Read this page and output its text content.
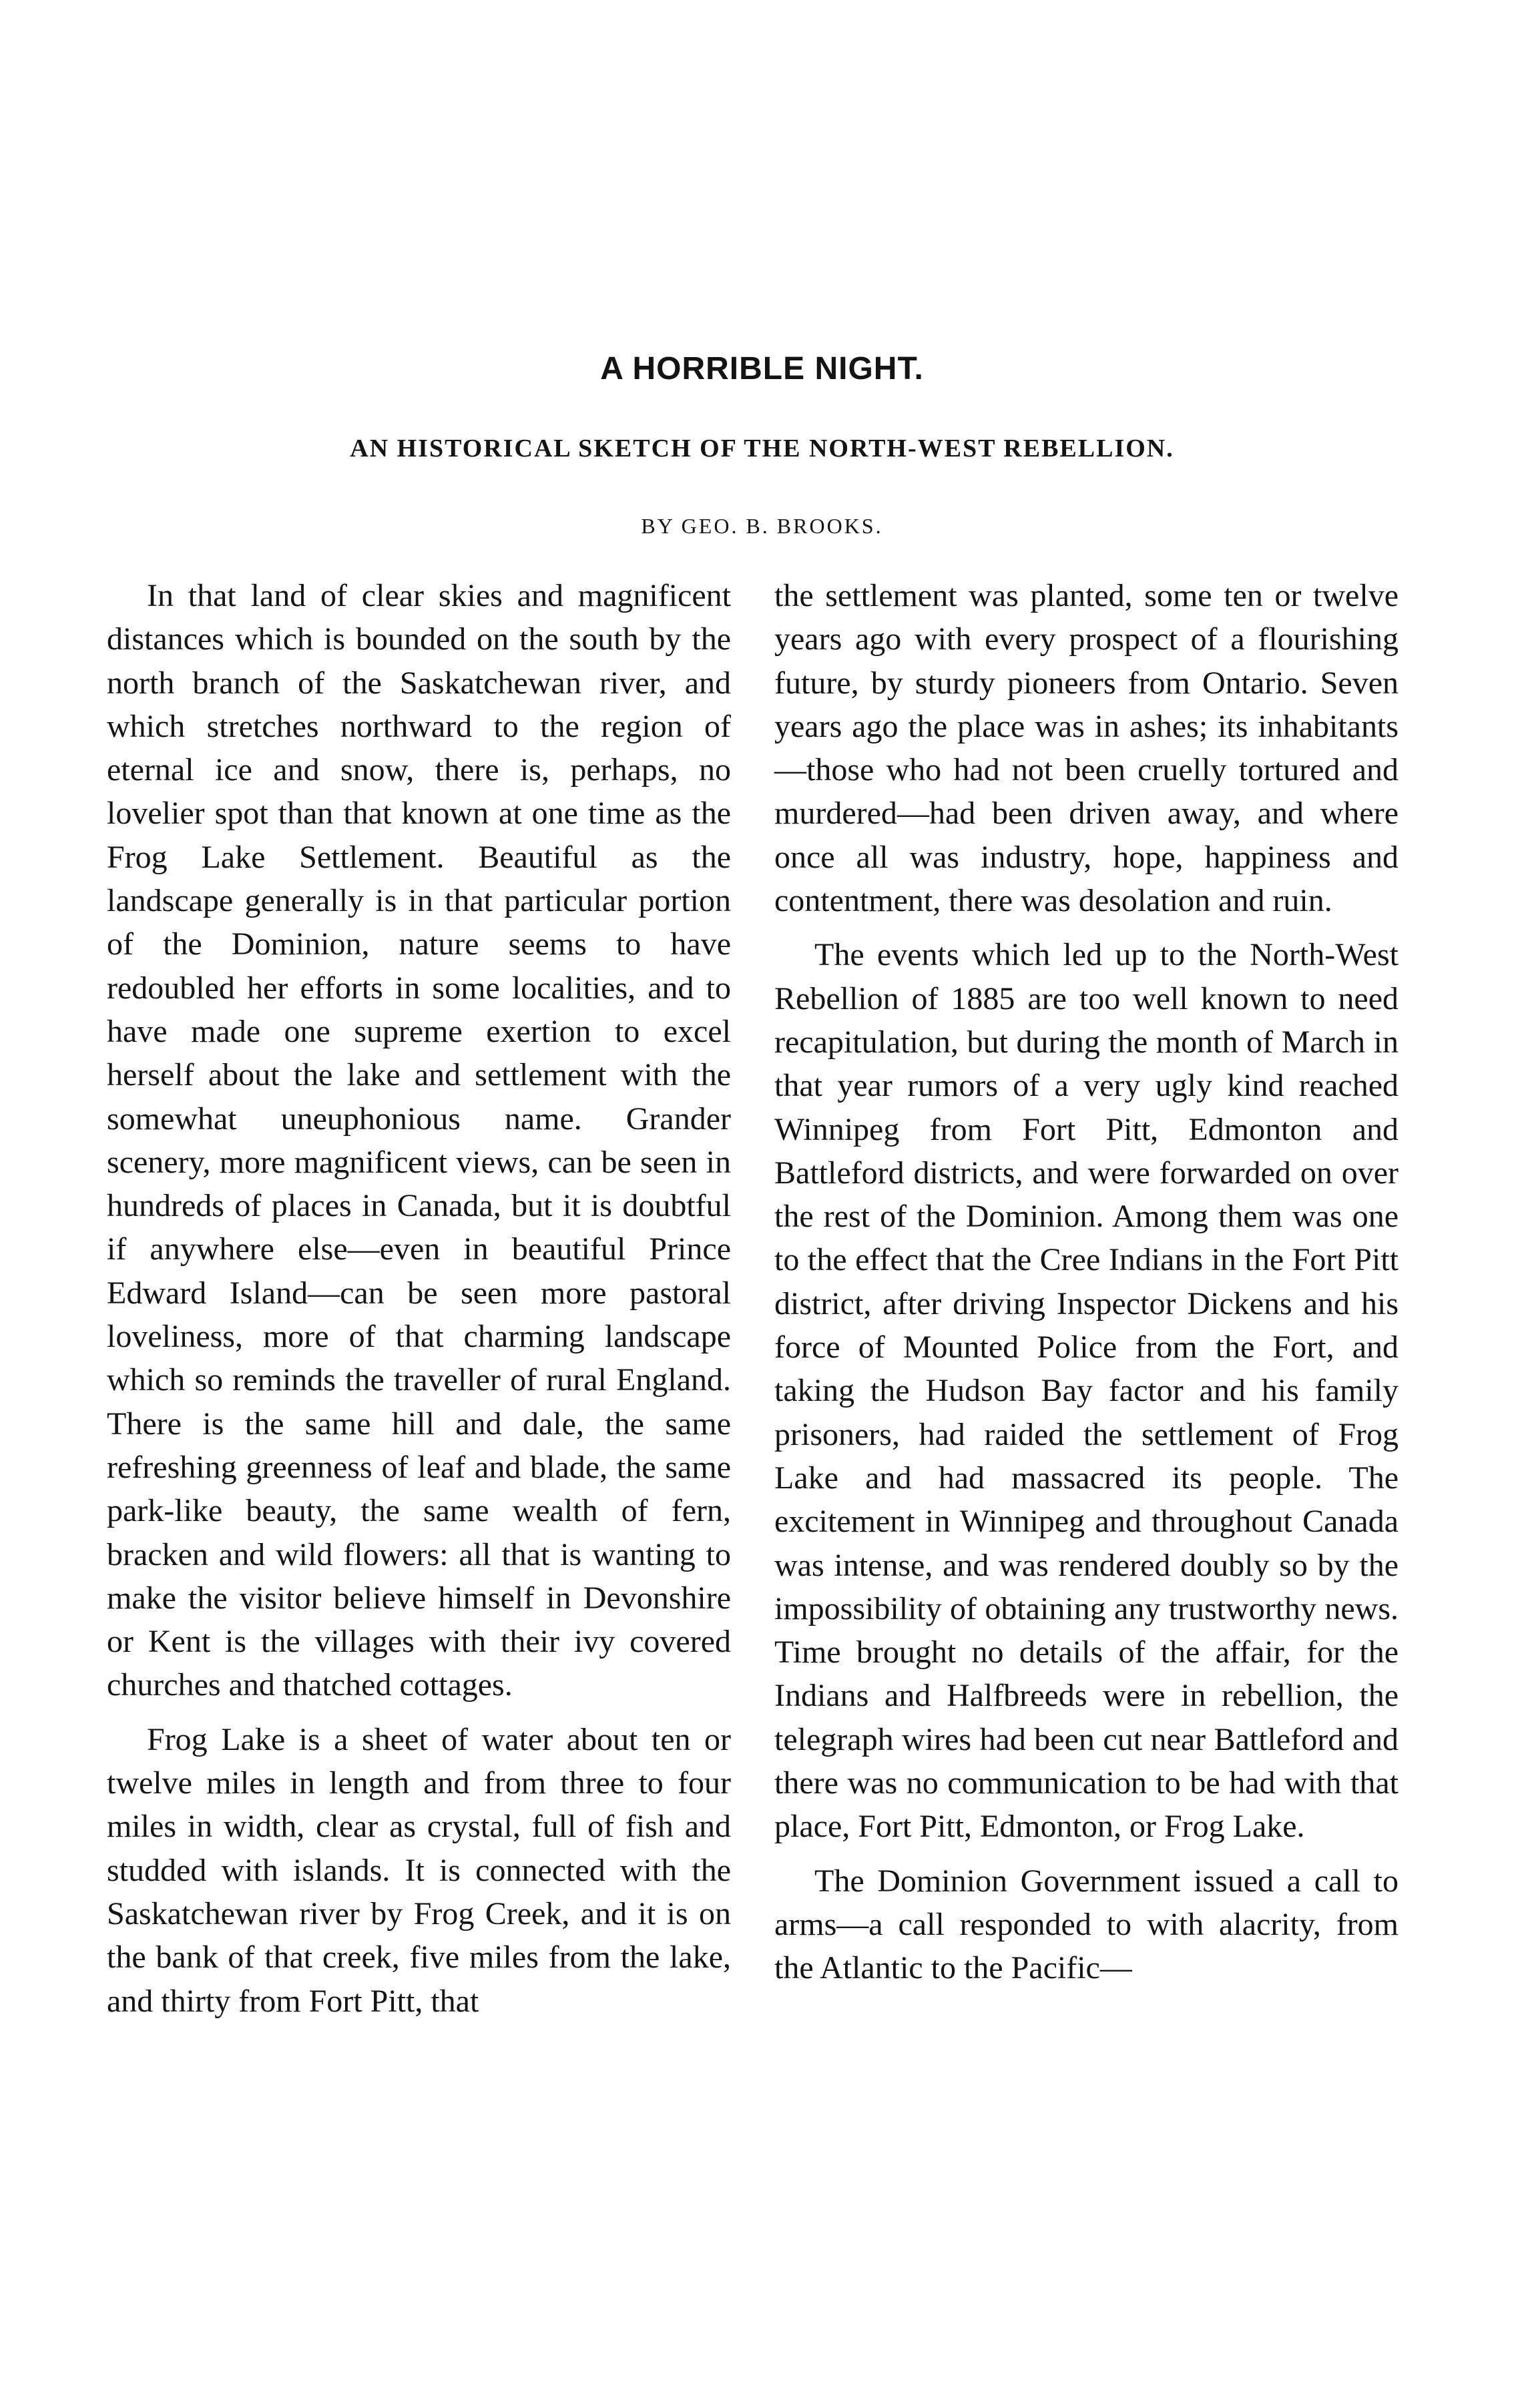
A HORRIBLE NIGHT.
AN HISTORICAL SKETCH OF THE NORTH-WEST REBELLION.
BY GEO. B. BROOKS.

In that land of clear skies and magnificent distances which is bounded on the south by the north branch of the Saskatchewan river, and which stretches northward to the region of eternal ice and snow, there is, perhaps, no lovelier spot than that known at one time as the Frog Lake Settlement. Beautiful as the landscape generally is in that particular portion of the Dominion, nature seems to have redoubled her efforts in some localities, and to have made one supreme exertion to excel herself about the lake and settlement with the somewhat uneuphonious name. Grander scenery, more magnificent views, can be seen in hundreds of places in Canada, but it is doubtful if anywhere else—even in beautiful Prince Edward Island—can be seen more pastoral loveliness, more of that charming landscape which so reminds the traveller of rural England. There is the same hill and dale, the same refreshing greenness of leaf and blade, the same park-like beauty, the same wealth of fern, bracken and wild flowers: all that is wanting to make the visitor believe himself in Devonshire or Kent is the villages with their ivy covered churches and thatched cottages.

Frog Lake is a sheet of water about ten or twelve miles in length and from three to four miles in width, clear as crystal, full of fish and studded with islands. It is connected with the Saskatchewan river by Frog Creek, and it is on the bank of that creek, five miles from the lake, and thirty from Fort Pitt, that

the settlement was planted, some ten or twelve years ago with every prospect of a flourishing future, by sturdy pioneers from Ontario. Seven years ago the place was in ashes; its inhabitants—those who had not been cruelly tortured and murdered—had been driven away, and where once all was industry, hope, happiness and contentment, there was desolation and ruin.

The events which led up to the North-West Rebellion of 1885 are too well known to need recapitulation, but during the month of March in that year rumors of a very ugly kind reached Winnipeg from Fort Pitt, Edmonton and Battleford districts, and were forwarded on over the rest of the Dominion. Among them was one to the effect that the Cree Indians in the Fort Pitt district, after driving Inspector Dickens and his force of Mounted Police from the Fort, and taking the Hudson Bay factor and his family prisoners, had raided the settlement of Frog Lake and had massacred its people. The excitement in Winnipeg and throughout Canada was intense, and was rendered doubly so by the impossibility of obtaining any trustworthy news. Time brought no details of the affair, for the Indians and Halfbreeds were in rebellion, the telegraph wires had been cut near Battleford and there was no communication to be had with that place, Fort Pitt, Edmonton, or Frog Lake.

The Dominion Government issued a call to arms—a call responded to with alacrity, from the Atlantic to the Pacific—
